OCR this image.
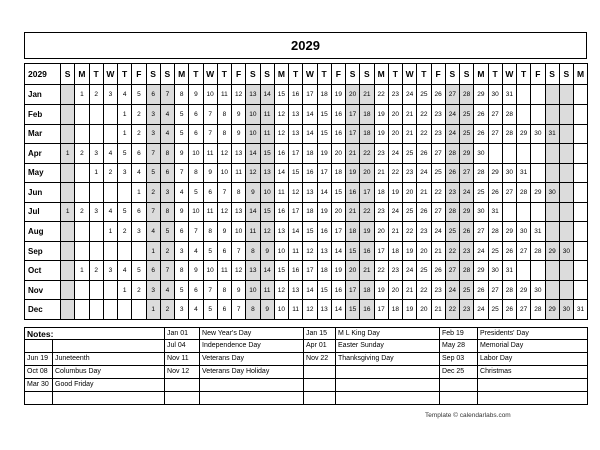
2029
2029	S	M	T	W	T	F	S	S	M	T	W	T	F	S	S	M	T	W	T	F	S	S	M	T	W	T	F	S	S	M	T	W	T	F	S	S	M
Jan		1	2	3	4	5	6	7	8	9	10	11	12	13	14	15	16	17	18	19	20	21	22	23	24	25	26	27	28	29	30	31					
Feb					1	2	3	4	5	6	7	8	9	10	11	12	13	14	15	16	17	18	19	20	21	22	23	24	25	26	27	28					
Mar					1	2	3	4	5	6	7	8	9	10	11	12	13	14	15	16	17	18	19	20	21	22	23	24	25	26	27	28	29	30	31		
Apr	1	2	3	4	5	6	7	8	9	10	11	12	13	14	15	16	17	18	19	20	21	22	23	24	25	26	27	28	29	30							
May			1	2	3	4	5	6	7	8	9	10	11	12	13	14	15	16	17	18	19	20	21	22	23	24	25	26	27	28	29	30	31				
Jun						1	2	3	4	5	6	7	8	9	10	11	12	13	14	15	16	17	18	19	20	21	22	23	24	25	26	27	28	29	30		
Jul	1	2	3	4	5	6	7	8	9	10	11	12	13	14	15	16	17	18	19	20	21	22	23	24	25	26	27	28	29	30	31						
Aug				1	2	3	4	5	6	7	8	9	10	11	12	13	14	15	16	17	18	19	20	21	22	23	24	25	26	27	28	29	30	31			
Sep							1	2	3	4	5	6	7	8	9	10	11	12	13	14	15	16	17	18	19	20	21	22	23	24	25	26	27	28	29	30	
Oct		1	2	3	4	5	6	7	8	9	10	11	12	13	14	15	16	17	18	19	20	21	22	23	24	25	26	27	28	29	30	31					
Nov					1	2	3	4	5	6	7	8	9	10	11	12	13	14	15	16	17	18	19	20	21	22	23	24	25	26	27	28	29	30			
Dec							1	2	3	4	5	6	7	8	9	10	11	12	13	14	15	16	17	18	19	20	21	22	23	24	25	26	27	28	29	30	31
Notes:		Jan 01	New Year's Day	Jan 15	M L King Day	Feb 19	Presidents' Day
		Jul 04	Independence Day	Apr 01	Easter Sunday	May 28	Memorial Day
Jun 19	Juneteenth	Nov 11	Veterans Day	Nov 22	Thanksgiving Day	Sep 03	Labor Day
Oct 08	Columbus Day	Nov 12	Veterans Day Holiday			Dec 25	Christmas
Mar 30	Good Friday						

Template © calendarlabs.com
